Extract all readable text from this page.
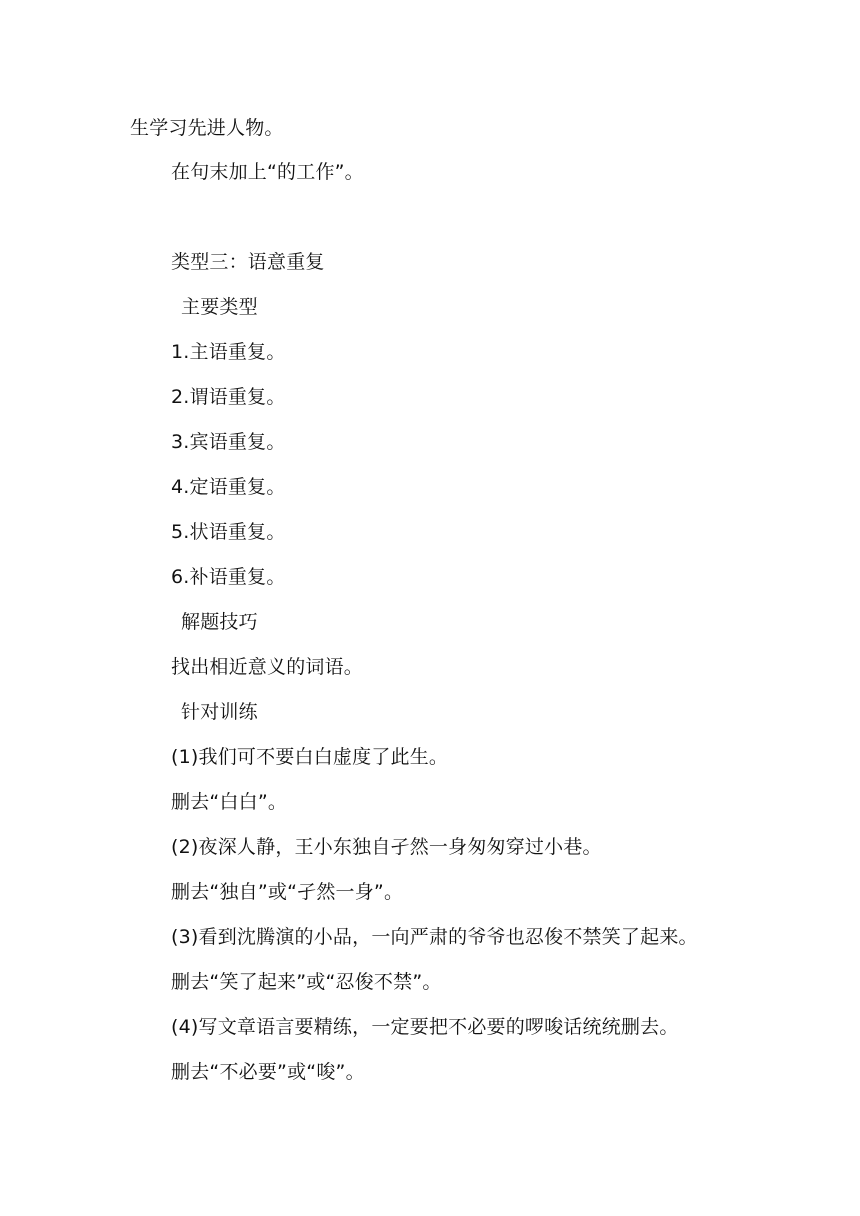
生学习先进人物。
在句末加上“的工作”。
类型三：语意重复
主要类型
1.主语重复。
2.谓语重复。
3.宾语重复。
4.定语重复。
5.状语重复。
6.补语重复。
解题技巧
找出相近意义的词语。
针对训练
(1)我们可不要白白虚度了此生。
删去“白白”。
(2)夜深人静，王小东独自孑然一身匆匆穿过小巷。
删去“独自”或“孑然一身”。
(3)看到沈腾演的小品，一向严肃的爷爷也忍俊不禁笑了起来。
删去“笑了起来”或“忍俊不禁”。
(4)写文章语言要精练，一定要把不必要的啰唆话统统删去。
删去“不必要”或“唆”。
